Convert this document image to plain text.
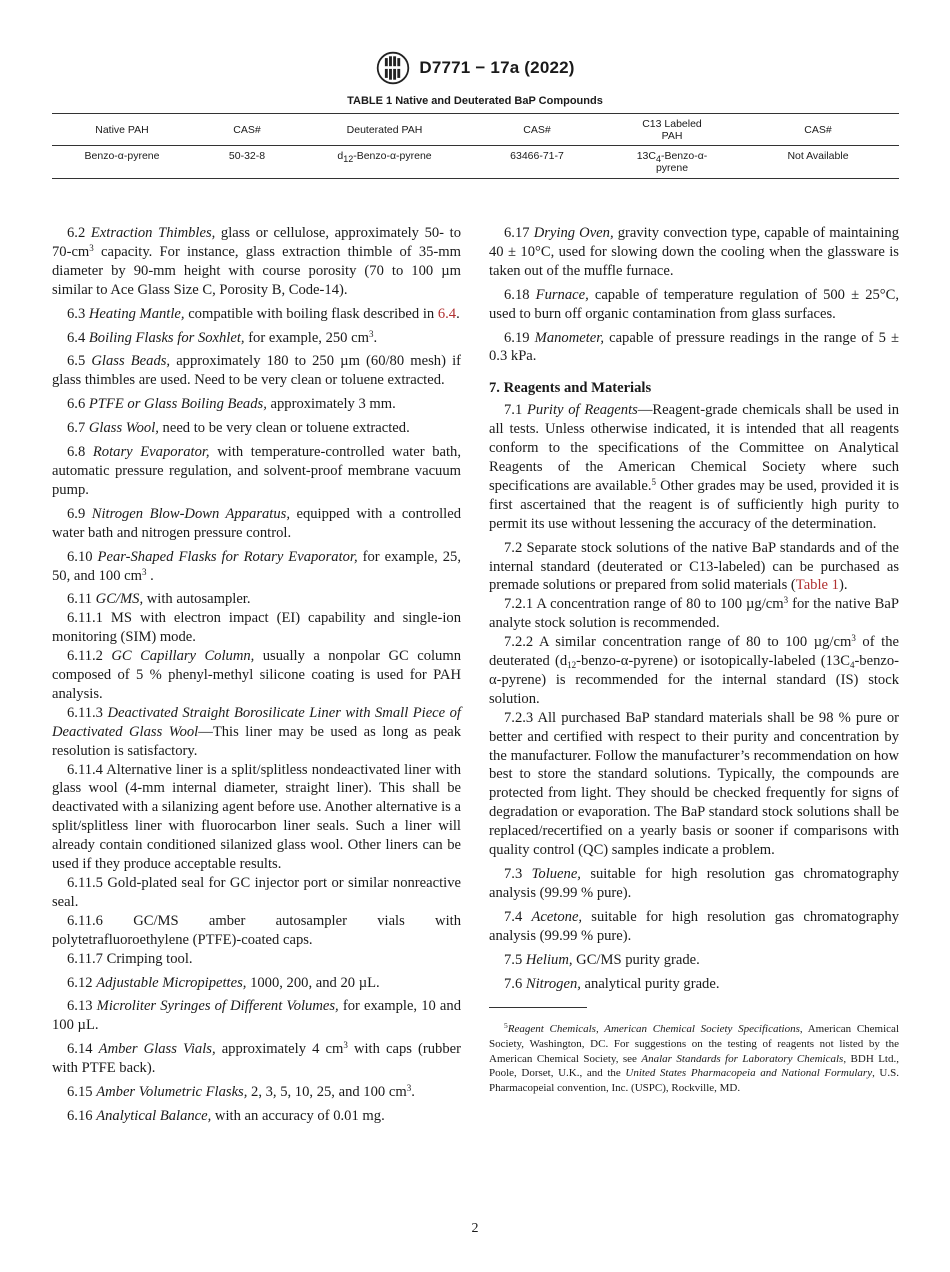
D7771 − 17a (2022)
TABLE 1 Native and Deuterated BaP Compounds
Native PAH	CAS#	Deuterated PAH	CAS#	C13 Labeled PAH	CAS#
Benzo-α-pyrene	50-32-8	$d_{12}-Benzo-\alpha$-pyrene	63466-71-7	$13C_4-Benzo-\alpha$-pyrene	Not Available

6.2 Extraction Thimbles, glass or cellulose, approximately 50- to $70-cm^3$ capacity. For instance, glass extraction thimble of 35-mm diameter by 90-mm height with course porosity (70 to 100 µm similar to Ace Glass Size C, Porosity B, Code-14).

6.3 Heating Mantle, compatible with boiling flask described in 6.4.

6.4 Boiling Flasks for Soxhlet, for example, 250 $cm^3$.

6.5 Glass Beads, approximately 180 to 250 µm (60/80 mesh) if glass thimbles are used. Need to be very clean or toluene extracted.

6.6 PTFE or Glass Boiling Beads, approximately 3 mm.

6.7 Glass Wool, need to be very clean or toluene extracted.

6.8 Rotary Evaporator, with temperature-controlled water bath, automatic pressure regulation, and solvent-proof membrane vacuum pump.

6.9 Nitrogen Blow-Down Apparatus, equipped with a controlled water bath and nitrogen pressure control.

6.10 Pear-Shaped Flasks for Rotary Evaporator, for example, 25, 50, and 100 $cm^3$ .

6.11 GC/MS, with autosampler.

6.11.1 MS with electron impact (EI) capability and single-ion monitoring (SIM) mode.

6.11.2 GC Capillary Column, usually a nonpolar GC column composed of 5 % phenyl-methyl silicone coating is used for PAH analysis.

6.11.3 Deactivated Straight Borosilicate Liner with Small Piece of Deactivated Glass Wool—This liner may be used as long as peak resolution is satisfactory.

6.11.4 Alternative liner is a split/splitless nondeactivated liner with glass wool (4-mm internal diameter, straight liner). This shall be deactivated with a silanizing agent before use. Another alternative is a split/splitless liner with fluorocarbon liner seals. Such a liner will already contain conditioned silanized glass wool. Other liners can be used if they produce acceptable results.

6.11.5 Gold-plated seal for GC injector port or similar nonreactive seal.

6.11.6 GC/MS amber autosampler vials with polytetrafluoroethylene (PTFE)-coated caps.

6.11.7 Crimping tool.

6.12 Adjustable Micropipettes, 1000, 200, and 20 µL.

6.13 Microliter Syringes of Different Volumes, for example, 10 and 100 µL.

6.14 Amber Glass Vials, approximately 4 $cm^3$ with caps (rubber with PTFE back).

6.15 Amber Volumetric Flasks, 2, 3, 5, 10, 25, and 100 $cm^3$.

6.16 Analytical Balance, with an accuracy of 0.01 mg.

6.17 Drying Oven, gravity convection type, capable of maintaining 40 ± 10°C, used for slowing down the cooling when the glassware is taken out of the muffle furnace.

6.18 Furnace, capable of temperature regulation of 500 ± 25°C, used to burn off organic contamination from glass surfaces.

6.19 Manometer, capable of pressure readings in the range of 5 ± 0.3 kPa.

7. Reagents and Materials

7.1 Purity of Reagents—Reagent-grade chemicals shall be used in all tests. Unless otherwise indicated, it is intended that all reagents conform to the specifications of the Committee on Analytical Reagents of the American Chemical Society where such specifications are available.$^5$ Other grades may be used, provided it is first ascertained that the reagent is of sufficiently high purity to permit its use without lessening the accuracy of the determination.

7.2 Separate stock solutions of the native BaP standards and of the internal standard (deuterated or C13-labeled) can be purchased as premade solutions or prepared from solid materials (Table 1).

7.2.1 A concentration range of 80 to 100 $\mu g/cm^3$ for the native BaP analyte stock solution is recommended.

7.2.2 A similar concentration range of 80 to 100 $\mu g/cm^3$ of the deuterated $(d_{12}-benzo-\alpha-pyrene)$ or isotopically-labeled $(13C_4-benzo-\alpha-pyrene)$ is recommended for the internal standard (IS) stock solution.

7.2.3 All purchased BaP standard materials shall be 98 % pure or better and certified with respect to their purity and concentration by the manufacturer. Follow the manufacturer’s recommendation on how best to store the standard solutions. Typically, the compounds are protected from light. They should be checked frequently for signs of degradation or evaporation. The BaP standard stock solutions shall be replaced/recertified on a yearly basis or sooner if comparisons with quality control (QC) samples indicate a problem.

7.3 Toluene, suitable for high resolution gas chromatography analysis (99.99 % pure).

7.4 Acetone, suitable for high resolution gas chromatography analysis (99.99 % pure).

7.5 Helium, GC/MS purity grade.

7.6 Nitrogen, analytical purity grade.

$^5$Reagent Chemicals, American Chemical Society Specifications, American Chemical Society, Washington, DC. For suggestions on the testing of reagents not listed by the American Chemical Society, see Analar Standards for Laboratory Chemicals, BDH Ltd., Poole, Dorset, U.K., and the United States Pharmacopeia and National Formulary, U.S. Pharmacopeial convention, Inc. (USPC), Rockville, MD.

2
